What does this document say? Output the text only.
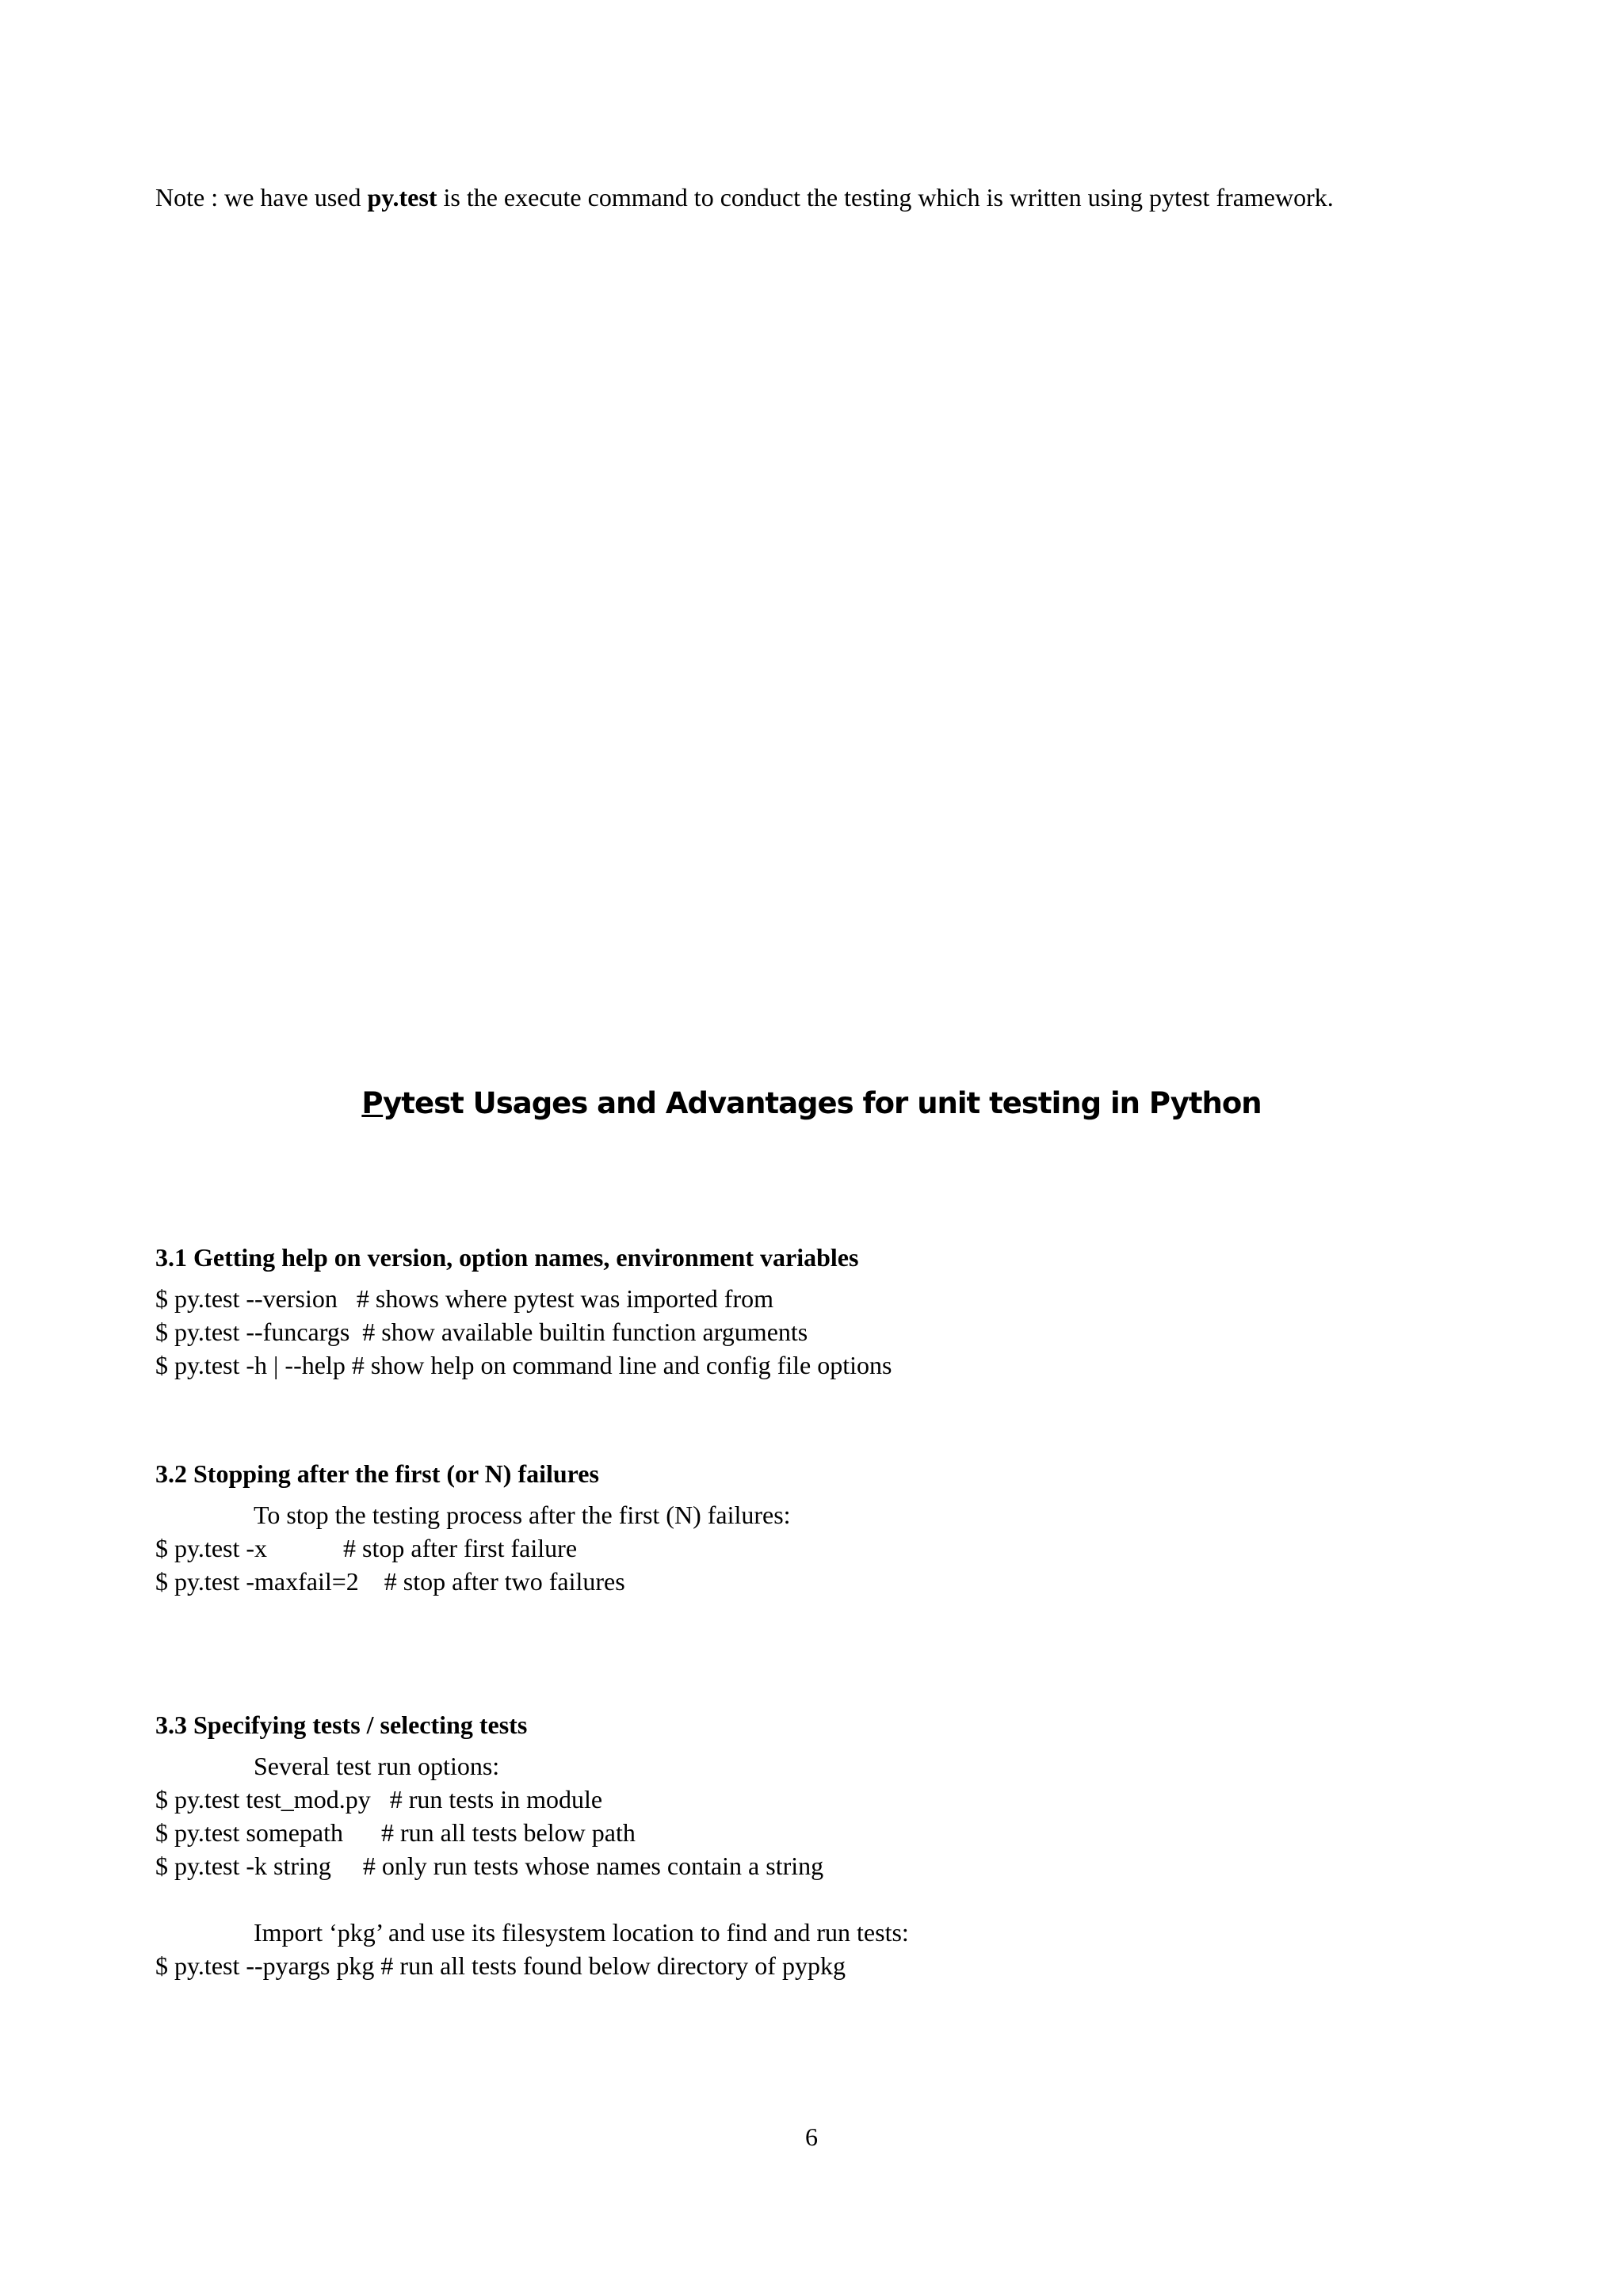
Note : we have used py.test is the execute command to conduct the testing which is written using pytest framework.

Pytest Usages and Advantages for unit testing in Python
3.1 Getting help on version, option names, environment variables
$ py.test --version   # shows where pytest was imported from
$ py.test --funcargs  # show available builtin function arguments
$ py.test -h | --help # show help on command line and config file options
3.2 Stopping after the first (or N) failures
To stop the testing process after the first (N) failures:
$ py.test -x            # stop after first failure
$ py.test -maxfail=2    # stop after two failures
3.3 Specifying tests / selecting tests
Several test run options:
$ py.test test_mod.py   # run tests in module
$ py.test somepath      # run all tests below path
$ py.test -k string     # only run tests whose names contain a string
Import ‘pkg’ and use its filesystem location to find and run tests:
$ py.test --pyargs pkg # run all tests found below directory of pypkg
6
